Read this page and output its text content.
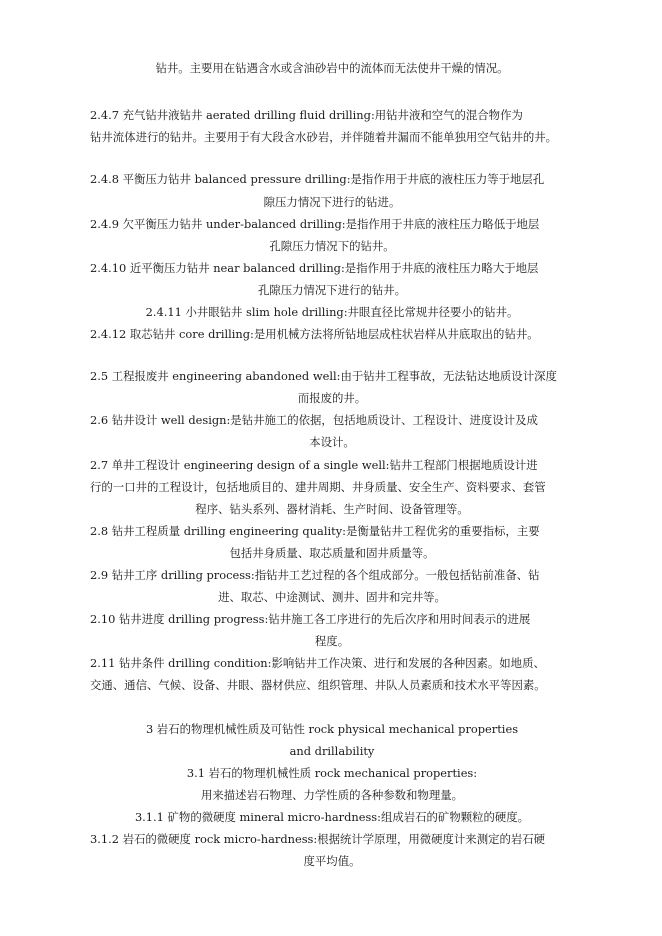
钻井。主要用在钻遇含水或含油砂岩中的流体而无法使井干燥的情况。
2.4.7 充气钻井液钻井 aerated drilling fluid drilling:用钻井液和空气的混合物作为
钻井流体进行的钻井。主要用于有大段含水砂岩，并伴随着井漏而不能单独用空气钻井的井。
2.4.8 平衡压力钻井 balanced pressure drilling:是指作用于井底的液柱压力等于地层孔
隙压力情况下进行的钻进。
2.4.9 欠平衡压力钻井 under-balanced drilling:是指作用于井底的液柱压力略低于地层
孔隙压力情况下的钻井。
2.4.10 近平衡压力钻井 near balanced drilling:是指作用于井底的液柱压力略大于地层
孔隙压力情况下进行的钻井。
2.4.11 小井眼钻井 slim hole drilling:井眼直径比常规井径要小的钻井。
2.4.12 取芯钻井 core drilling:是用机械方法将所钻地层成柱状岩样从井底取出的钻井。
2.5 工程报废井 engineering abandoned well:由于钻井工程事故，无法钻达地质设计深度
而报废的井。
2.6 钻井设计 well design:是钻井施工的依据，包括地质设计、工程设计、进度设计及成
本设计。
2.7 单井工程设计 engineering design of a single well:钻井工程部门根据地质设计进
行的一口井的工程设计，包括地质目的、建井周期、井身质量、安全生产、资料要求、套管
程序、钻头系列、器材消耗、生产时间、设备管理等。
2.8 钻井工程质量 drilling engineering quality:是衡量钻井工程优劣的重要指标，主要
包括井身质量、取芯质量和固井质量等。
2.9 钻井工序 drilling process:指钻井工艺过程的各个组成部分。一般包括钻前准备、钻
进、取芯、中途测试、测井、固井和完井等。
2.10 钻井进度 drilling progress:钻井施工各工序进行的先后次序和用时间表示的进展
程度。
2.11 钻井条件 drilling condition:影响钻井工作决策、进行和发展的各种因素。如地质、
交通、通信、气候、设备、井眼、器材供应、组织管理、井队人员素质和技术水平等因素。
3 岩石的物理机械性质及可钻性 rock physical mechanical properties
and drillability
3.1 岩石的物理机械性质 rock mechanical properties:
用来描述岩石物理、力学性质的各种参数和物理量。
3.1.1 矿物的微硬度 mineral micro-hardness:组成岩石的矿物颗粒的硬度。
3.1.2 岩石的微硬度 rock micro-hardness:根据统计学原理，用微硬度计来测定的岩石硬
度平均值。
